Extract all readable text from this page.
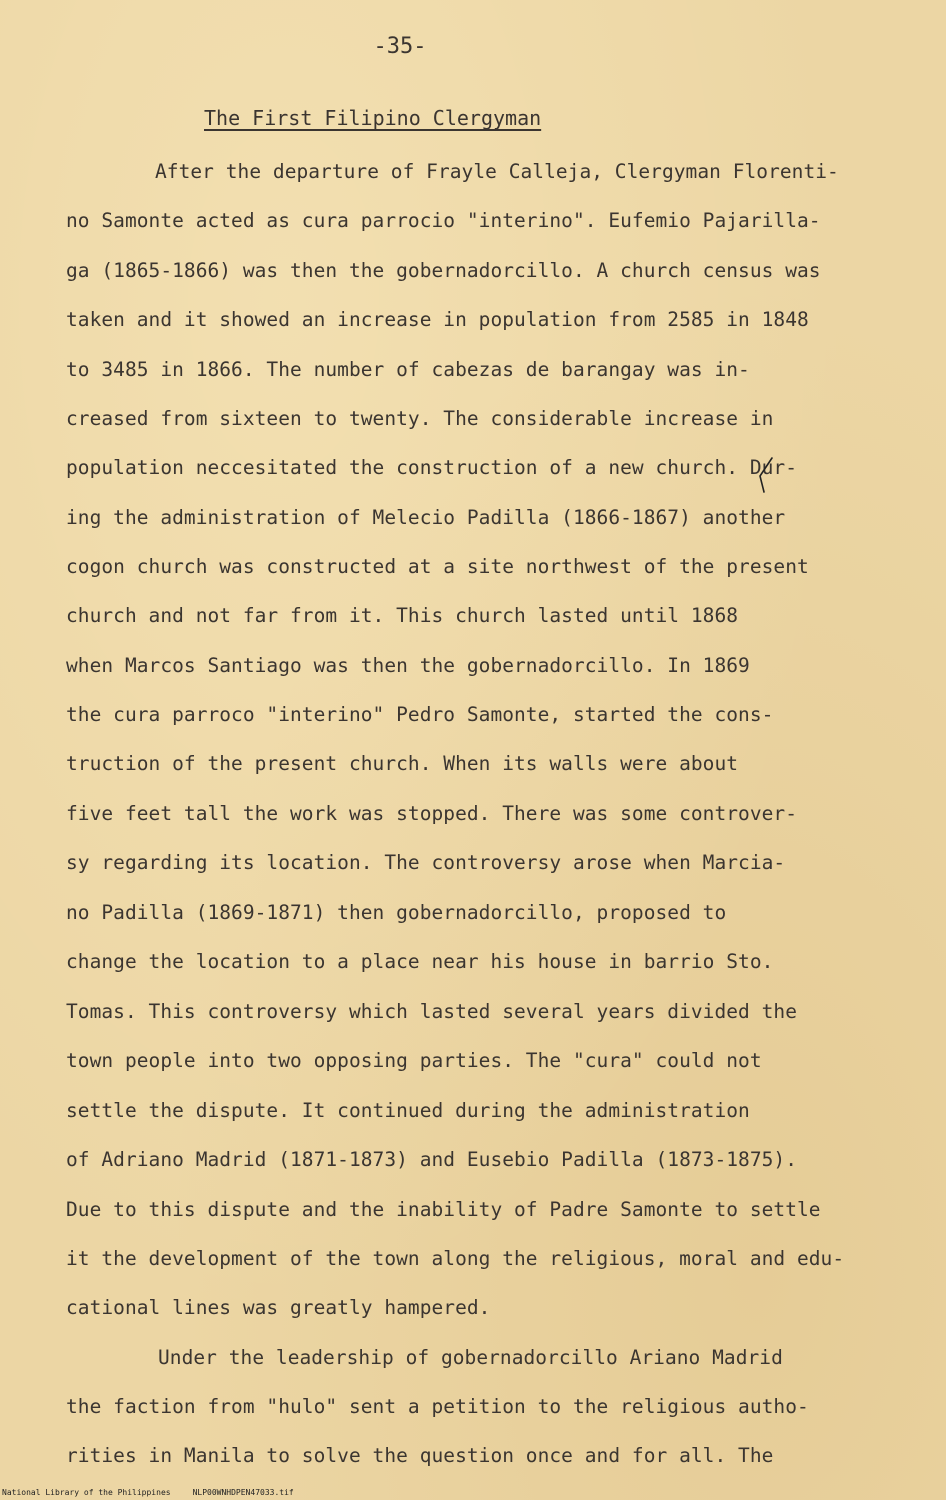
-35-
The First Filipino Clergyman
After the departure of Frayle Calleja, Clergyman Florenti-
no Samonte acted as cura parrocio "interino". Eufemio Pajarilla-
ga (1865-1866) was then the gobernadorcillo. A church census was
taken and it showed an increase in population from 2585 in 1848
to 3485 in 1866. The number of cabezas de barangay was in-
creased from sixteen to twenty. The considerable increase in
population neccesitated the construction of a new church. Dur-
ing the administration of Melecio Padilla (1866-1867) another
cogon church was constructed at a site northwest of the present
church and not far from it. This church lasted until 1868
when Marcos Santiago was then the gobernadorcillo. In 1869
the cura parroco "interino" Pedro Samonte, started the cons-
truction of the present church. When its walls were about
five feet tall the work was stopped. There was some controver-
sy regarding its location. The controversy arose when Marcia-
no Padilla (1869-1871) then gobernadorcillo, proposed to
change the location to a place near his house in barrio Sto.
Tomas. This controversy which lasted several years divided the
town people into two opposing parties. The "cura" could not
settle the dispute. It continued during the administration
of Adriano Madrid (1871-1873) and Eusebio Padilla (1873-1875).
Due to this dispute and the inability of Padre Samonte to settle
it the development of the town along the religious, moral and edu-
cational lines was greatly hampered.
Under the leadership of gobernadorcillo Ariano Madrid
the faction from "hulo" sent a petition to the religious autho-
rities in Manila to solve the question once and for all. The
National Library of the Philippines	NLP00WNHDPEN47033.tif
